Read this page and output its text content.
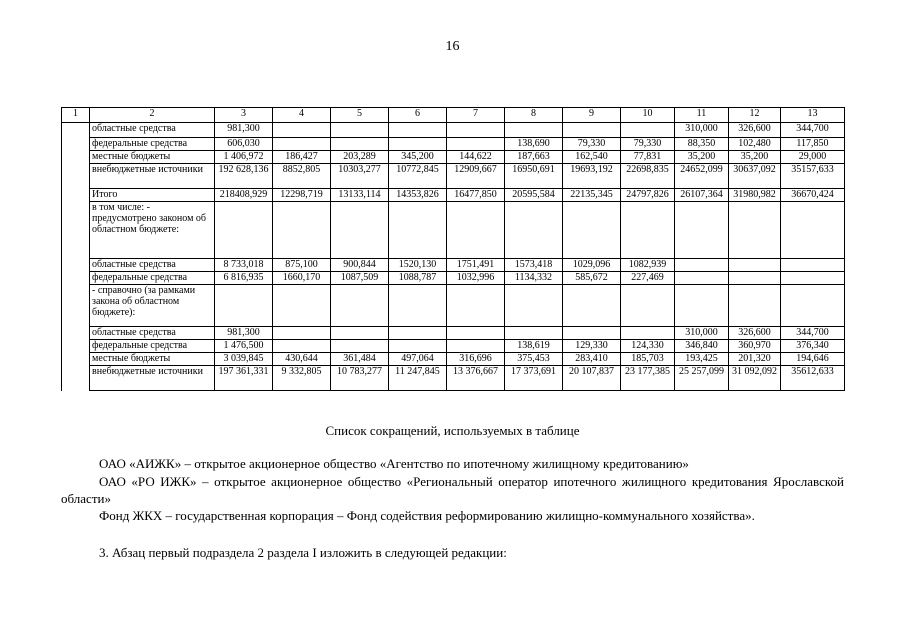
16
1	2	3	4	5	6	7	8	9	10	11	12	13
	областные средства	981,300								310,000	326,600	344,700
	федеральные средства	606,030					138,690	79,330	79,330	88,350	102,480	117,850
	местные бюджеты	1 406,972	186,427	203,289	345,200	144,622	187,663	162,540	77,831	35,200	35,200	29,000
	внебюджетные источники	192 628,136	8852,805	10303,277	10772,845	12909,667	16950,691	19693,192	22698,835	24652,099	30637,092	35157,633
	Итого	218408,929	12298,719	13133,114	14353,826	16477,850	20595,584	22135,345	24797,826	26107,364	31980,982	36670,424
	в том числе: - предусмотрено законом об областном бюджете:											
	областные средства	8 733,018	875,100	900,844	1520,130	1751,491	1573,418	1029,096	1082,939			
	федеральные средства	6 816,935	1660,170	1087,509	1088,787	1032,996	1134,332	585,672	227,469			
	- справочно (за рамками закона об областном бюджете):											
	областные средства	981,300								310,000	326,600	344,700
	федеральные средства	1 476,500					138,619	129,330	124,330	346,840	360,970	376,340
	местные бюджеты	3 039,845	430,644	361,484	497,064	316,696	375,453	283,410	185,703	193,425	201,320	194,646
	внебюджетные источники	197 361,331	9 332,805	10 783,277	11 247,845	13 376,667	17 373,691	20 107,837	23 177,385	25 257,099	31 092,092	35612,633
Список сокращений, используемых в таблице

ОАО «АИЖК» – открытое акционерное общество «Агентство по ипотечному жилищному кредитованию»

ОАО «РО ИЖК» – открытое акционерное общество «Региональный оператор ипотечного жилищного кредитования Ярославской области»

Фонд ЖКХ – государственная корпорация – Фонд содействия реформированию жилищно-коммунального хозяйства».

3. Абзац первый подраздела 2 раздела I изложить в следующей редакции:
